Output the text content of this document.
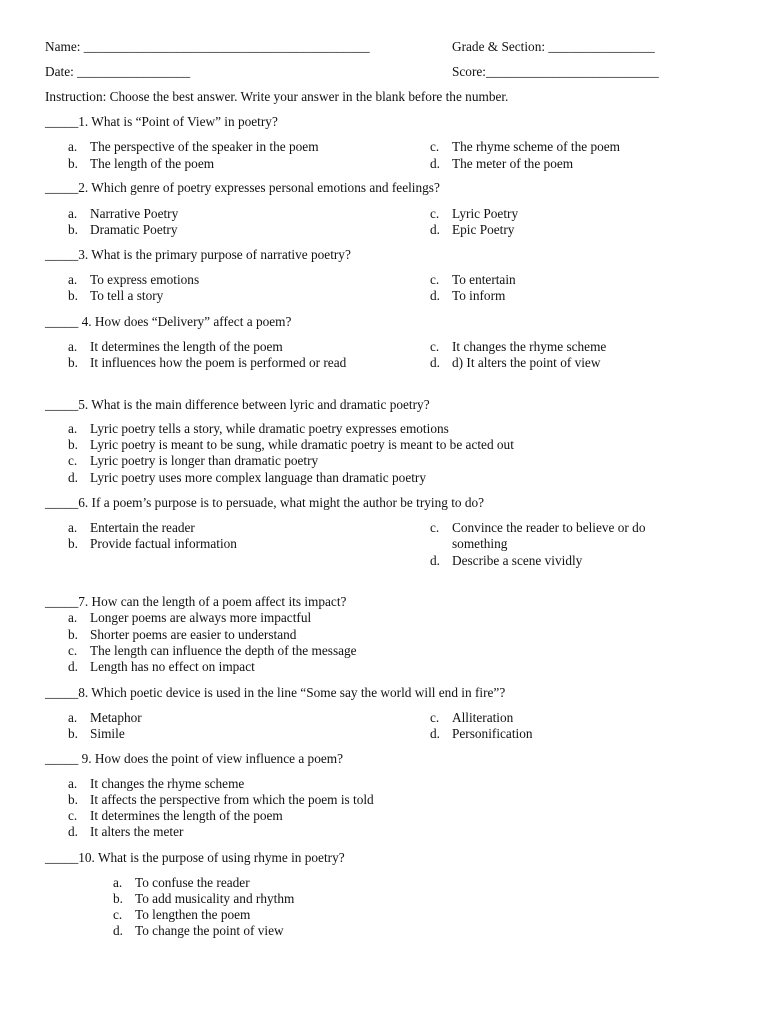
Name: ___________________________________________	Grade & Section: ________________
Date: _________________	Score:__________________________
Instruction: Choose the best answer. Write your answer in the blank before the number.
_____1. What is “Point of View” in poetry?
a. The perspective of the speaker in the poem
b. The length of the poem
c. The rhyme scheme of the poem
d. The meter of the poem
_____2. Which genre of poetry expresses personal emotions and feelings?
a. Narrative Poetry
b. Dramatic Poetry
c. Lyric Poetry
d. Epic Poetry
_____3. What is the primary purpose of narrative poetry?
a. To express emotions
b. To tell a story
c. To entertain
d. To inform
_____ 4. How does “Delivery” affect a poem?
a. It determines the length of the poem
b. It influences how the poem is performed or read
c. It changes the rhyme scheme
d. d) It alters the point of view
_____5. What is the main difference between lyric and dramatic poetry?
a. Lyric poetry tells a story, while dramatic poetry expresses emotions
b. Lyric poetry is meant to be sung, while dramatic poetry is meant to be acted out
c. Lyric poetry is longer than dramatic poetry
d. Lyric poetry uses more complex language than dramatic poetry
_____6. If a poem’s purpose is to persuade, what might the author be trying to do?
a. Entertain the reader
b. Provide factual information
c. Convince the reader to believe or do something
d. Describe a scene vividly
_____7. How can the length of a poem affect its impact?
a. Longer poems are always more impactful
b. Shorter poems are easier to understand
c. The length can influence the depth of the message
d. Length has no effect on impact
_____8. Which poetic device is used in the line “Some say the world will end in fire”?
a. Metaphor
b. Simile
c. Alliteration
d. Personification
_____ 9. How does the point of view influence a poem?
a. It changes the rhyme scheme
b. It affects the perspective from which the poem is told
c. It determines the length of the poem
d. It alters the meter
_____10. What is the purpose of using rhyme in poetry?
a. To confuse the reader
b. To add musicality and rhythm
c. To lengthen the poem
d. To change the point of view
